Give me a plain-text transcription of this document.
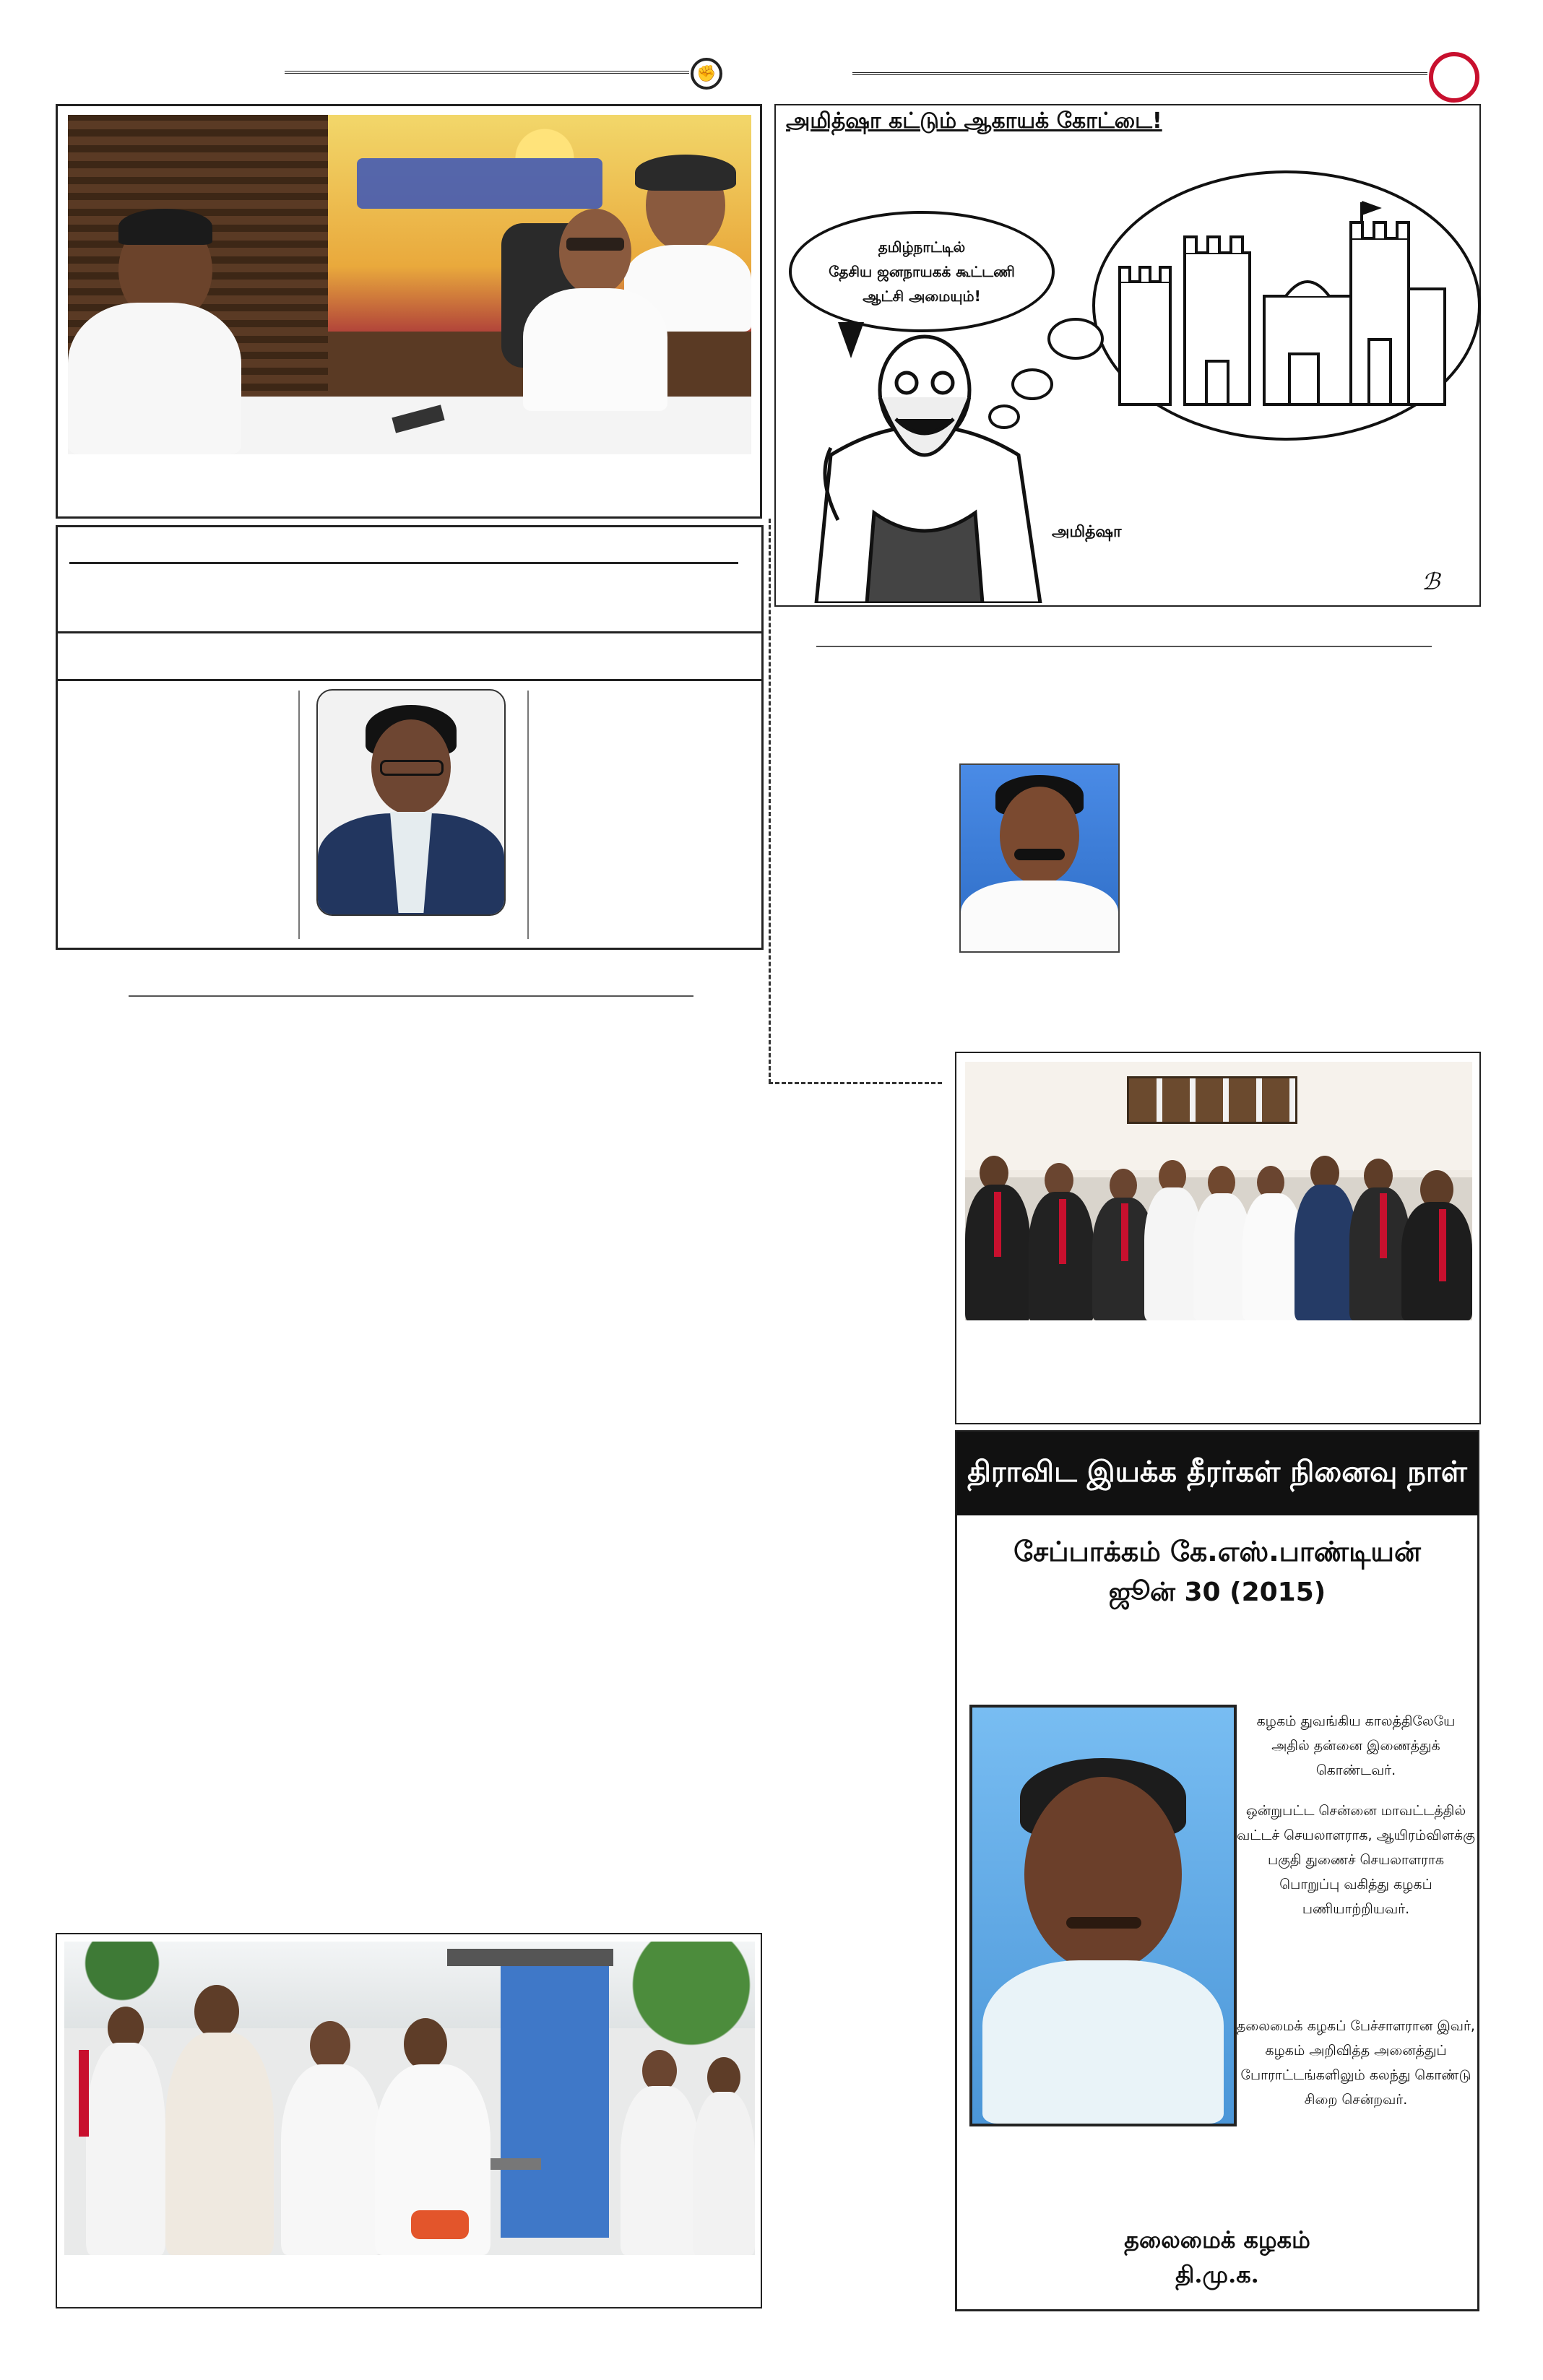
✊
அமித்ஷா கட்டும் ஆகாயக் கோட்டை!
தமிழ்நாட்டில்
தேசிய ஜனநாயகக் கூட்டணி
ஆட்சி அமையும்!
அமித்ஷா
ℬ
திராவிட இயக்க தீரர்கள் நினைவு நாள்
சேப்பாக்கம் கே.எஸ்.பாண்டியன்
ஜூன் 30 (2015)
கழகம் துவங்கிய காலத்திலேயே அதில் தன்னை இணைத்துக் கொண்டவர்.
ஒன்றுபட்ட சென்னை மாவட்டத்தில் வட்டச் செயலாளராக, ஆயிரம்விளக்கு பகுதி துணைச் செயலாளராக பொறுப்பு வகித்து கழகப் பணியாற்றியவர்.
தலைமைக் கழகப் பேச்சாளரான இவர், கழகம் அறிவித்த அனைத்துப் போராட்டங்களிலும் கலந்து கொண்டு சிறை சென்றவர்.
தலைமைக் கழகம்
தி.மு.க.
